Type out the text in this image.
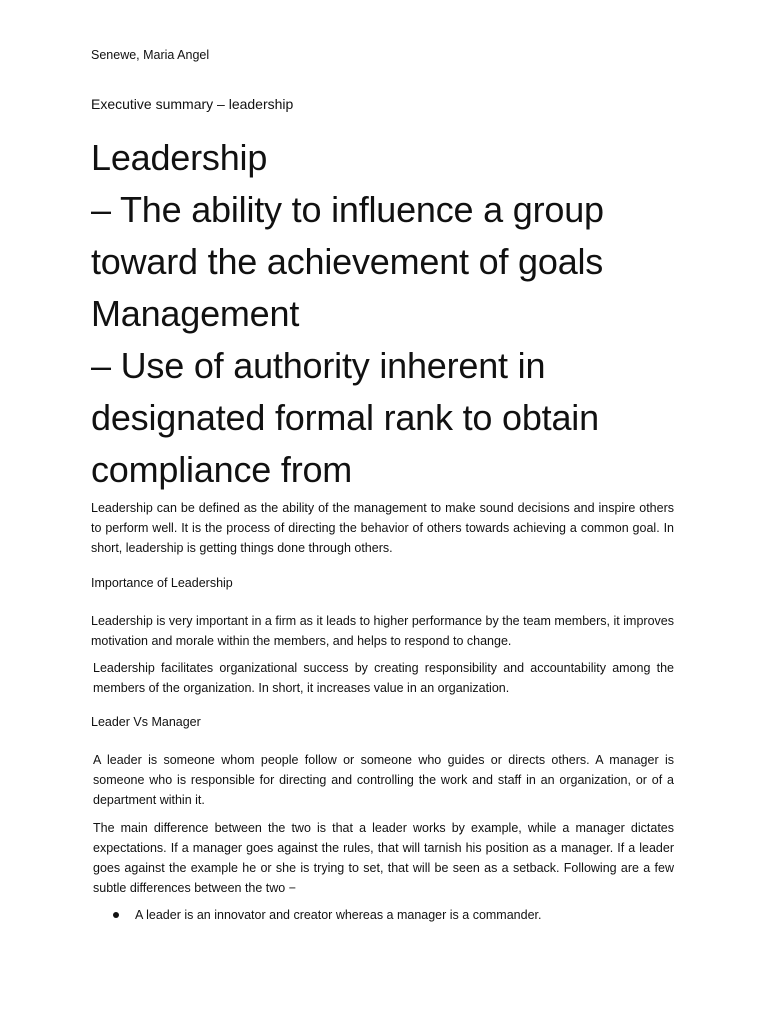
Senewe, Maria Angel
Executive summary – leadership
Leadership
– The ability to influence a group
toward the achievement of goals
Management
– Use of authority inherent in
designated formal rank to obtain
compliance from

Leadership can be defined as the ability of the management to make sound decisions and inspire others to perform well. It is the process of directing the behavior of others towards achieving a common goal. In short, leadership is getting things done through others.

Importance of Leadership

Leadership is very important in a firm as it leads to higher performance by the team members, it improves motivation and morale within the members, and helps to respond to change.

Leadership facilitates organizational success by creating responsibility and accountability among the members of the organization. In short, it increases value in an organization.

Leader Vs Manager

A leader is someone whom people follow or someone who guides or directs others. A manager is someone who is responsible for directing and controlling the work and staff in an organization, or of a department within it.

The main difference between the two is that a leader works by example, while a manager dictates expectations. If a manager goes against the rules, that will tarnish his position as a manager. If a leader goes against the example he or she is trying to set, that will be seen as a setback. Following are a few subtle differences between the two −

A leader is an innovator and creator whereas a manager is a commander.
